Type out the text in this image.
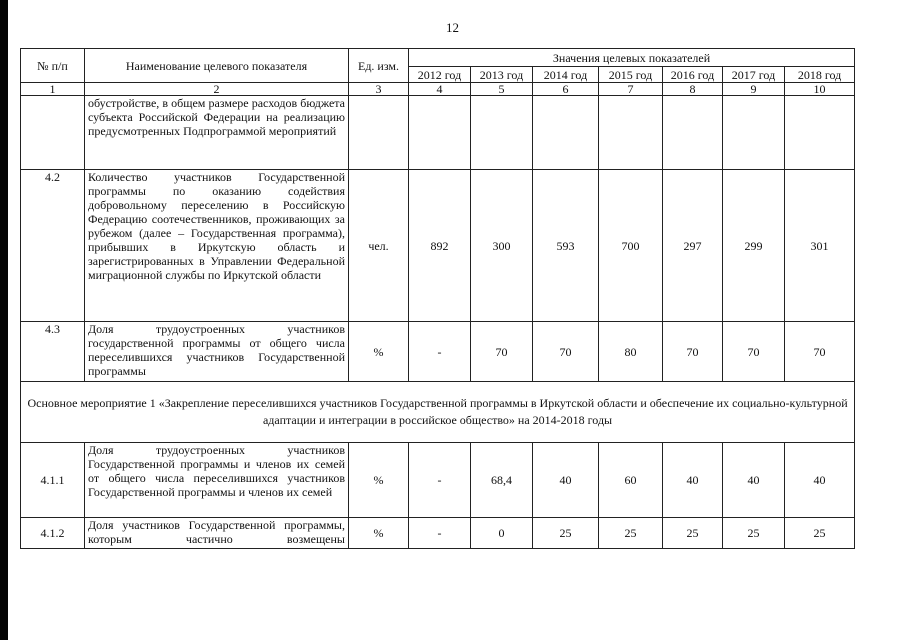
12
№ п/п	Наименование целевого показателя	Ед. изм.	Значения целевых показателей						
			2012 год	2013 год	2014 год	2015 год	2016 год	2017 год	2018 год
1	2	3	4	5	6	7	8	9	10
	обустройстве, в общем размере расходов бюджета субъекта Российской Федерации на реализацию предусмотренных Подпрограммой мероприятий								
4.2	Количество участников Государственной программы по оказанию содействия добровольному переселению в Российскую Федерацию соотечественников, проживающих за рубежом (далее – Государственная программа), прибывших в Иркутскую область и зарегистрированных в Управлении Федеральной миграционной службы по Иркутской области	чел.	892	300	593	700	297	299	301
4.3	Доля трудоустроенных участников государственной программы от общего числа переселившихся участников Государственной программы	%	-	70	70	80	70	70	70
Основное мероприятие 1 «Закрепление переселившихся участников Государственной программы в Иркутской области и обеспечение их социально-культурной адаптации и интеграции в российское общество» на 2014-2018 годы									
4.1.1	Доля трудоустроенных участников Государственной программы и членов их семей от общего числа переселившихся участников Государственной программы и членов их семей	%	-	68,4	40	60	40	40	40
4.1.2	Доля участников Государственной программы, которым частично возмещены	%	-	0	25	25	25	25	25
